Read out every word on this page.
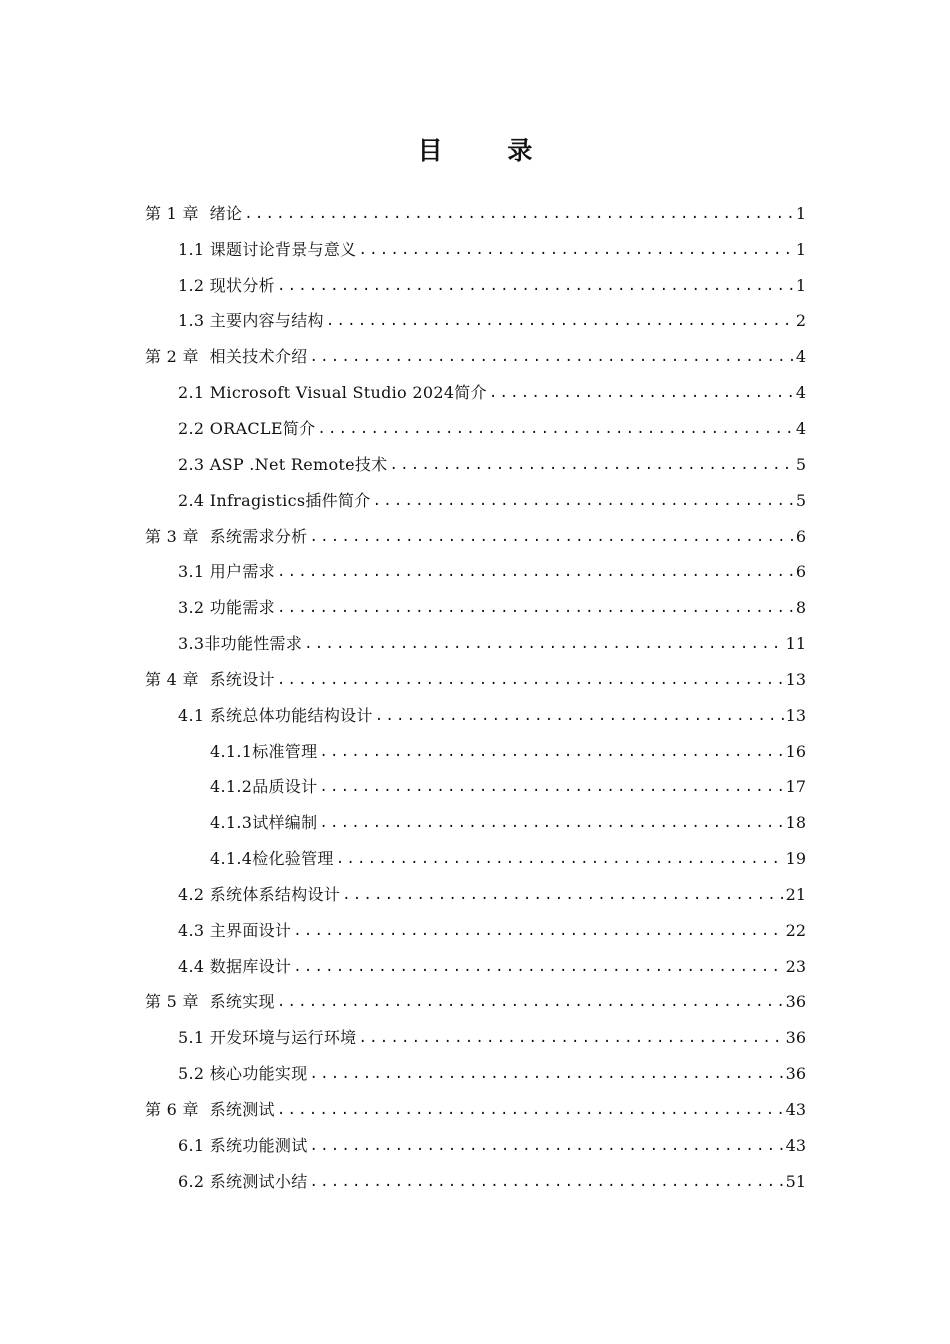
目 录
第 1 章  绪论 .....	1
1.1 课题讨论背景与意义 .....	1
1.2 现状分析 .....	1
1.3 主要内容与结构 .....	2
第 2 章  相关技术介绍 .....	4
2.1 Microsoft Visual Studio 2024简介 .....	4
2.2 ORACLE简介 .....	4
2.3 ASP .Net Remote技术 .....	5
2.4 Infragistics插件简介 .....	5
第 3 章  系统需求分析 .....	6
3.1 用户需求 .....	6
3.2 功能需求 .....	8
3.3非功能性需求 .....	11
第 4 章  系统设计 .....	13
4.1 系统总体功能结构设计 .....	13
4.1.1标准管理 .....	16
4.1.2品质设计 .....	17
4.1.3试样编制 .....	18
4.1.4检化验管理 .....	19
4.2 系统体系结构设计 .....	21
4.3 主界面设计 .....	22
4.4 数据库设计 .....	23
第 5 章  系统实现 .....	36
5.1 开发环境与运行环境 .....	36
5.2 核心功能实现 .....	36
第 6 章  系统测试 .....	43
6.1 系统功能测试 .....	43
6.2 系统测试小结 .....	51
